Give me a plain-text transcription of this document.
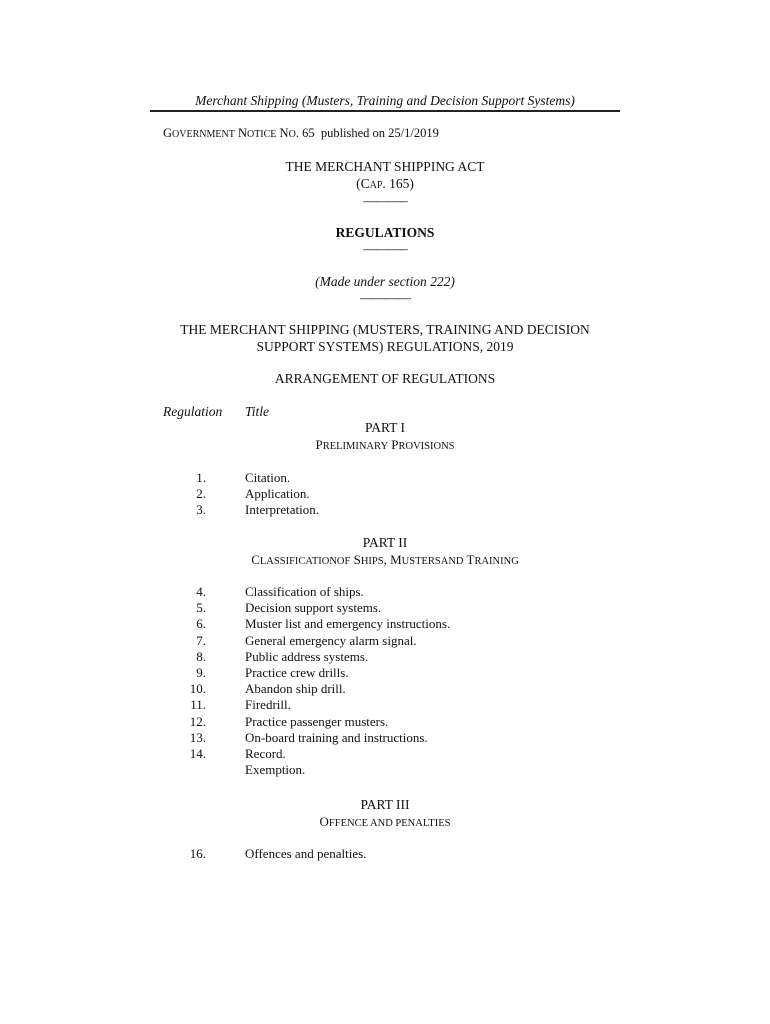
Merchant Shipping (Musters, Training and Decision Support Systems)
GOVERNMENT NOTICE NO. 65  published on 25/1/2019
THE MERCHANT SHIPPING ACT
(CAP. 165)
———–
REGULATIONS
———–
(Made under section 222)
————
THE MERCHANT SHIPPING (MUSTERS, TRAINING AND DECISION
SUPPORT SYSTEMS) REGULATIONS, 2019
ARRANGEMENT OF REGULATIONS
Regulation Title
PART I
PRELIMINARY PROVISIONS
1.	Citation.
2.	Application.
3.	Interpretation.
PART II
CLASSIFICATIONOF SHIPS, MUSTERSAND TRAINING
4.	Classification of ships.
5.	Decision support systems.
6.	Muster list and emergency instructions.
7.	General emergency alarm signal.
8.	Public address systems.
9.	Practice crew drills.
10.	Abandon ship drill.
11.	Firedrill.
12.	Practice passenger musters.
13.	On-board training and instructions.
14.	Record.
Exemption.
PART III
OFFENCE AND PENALTIES
16.	Offences and penalties.
